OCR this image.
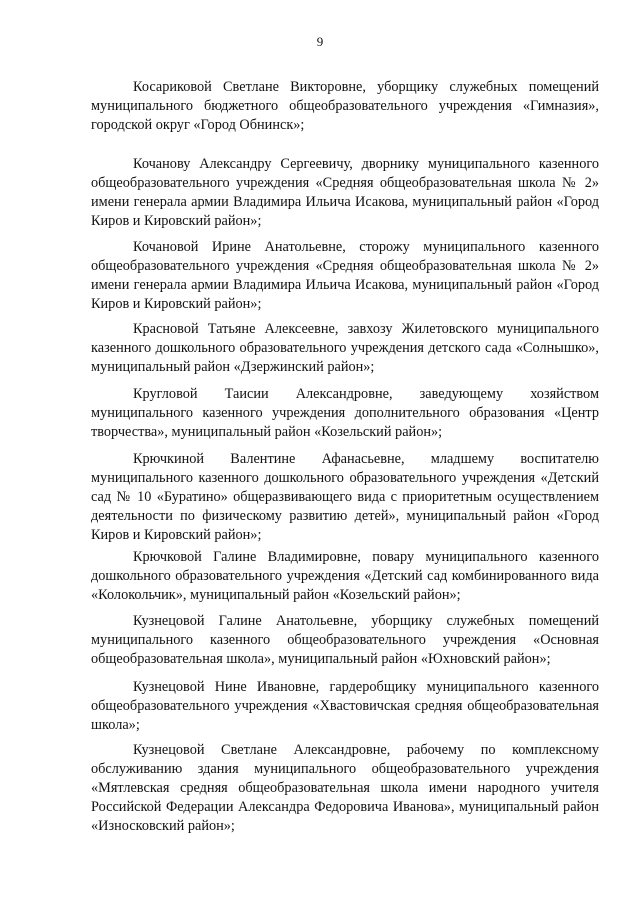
9

Косариковой Светлане Викторовне, уборщику служебных помещений муниципального бюджетного общеобразовательного учреждения «Гимназия», городской округ «Город Обнинск»;

Кочанову Александру Сергеевичу, дворнику муниципального казенного общеобразовательного учреждения «Средняя общеобразовательная школа № 2» имени генерала армии Владимира Ильича Исакова, муниципальный район «Город Киров и Кировский район»;

Кочановой Ирине Анатольевне, сторожу муниципального казенного общеобразовательного учреждения «Средняя общеобразовательная школа № 2» имени генерала армии Владимира Ильича Исакова, муниципальный район «Город Киров и Кировский район»;

Красновой Татьяне Алексеевне, завхозу Жилетовского муниципального казенного дошкольного образовательного учреждения детского сада «Солнышко», муниципальный район «Дзержинский район»;

Кругловой Таисии Александровне, заведующему хозяйством муниципального казенного учреждения дополнительного образования «Центр творчества», муниципальный район «Козельский район»;

Крючкиной Валентине Афанасьевне, младшему воспитателю муниципального казенного дошкольного образовательного учреждения «Детский сад № 10 «Буратино» общеразвивающего вида с приоритетным осуществлением деятельности по физическому развитию детей», муниципальный район «Город Киров и Кировский район»;

Крючковой Галине Владимировне, повару муниципального казенного дошкольного образовательного учреждения «Детский сад комбинированного вида «Колокольчик», муниципальный район «Козельский район»;

Кузнецовой Галине Анатольевне, уборщику служебных помещений муниципального казенного общеобразовательного учреждения «Основная общеобразовательная школа», муниципальный район «Юхновский район»;

Кузнецовой Нине Ивановне, гардеробщику муниципального казенного общеобразовательного учреждения «Хвастовичская средняя общеобразовательная школа»;

Кузнецовой Светлане Александровне, рабочему по комплексному обслуживанию здания муниципального общеобразовательного учреждения «Мятлевская средняя общеобразовательная школа имени народного учителя Российской Федерации Александра Федоровича Иванова», муниципальный район «Износковский район»;
